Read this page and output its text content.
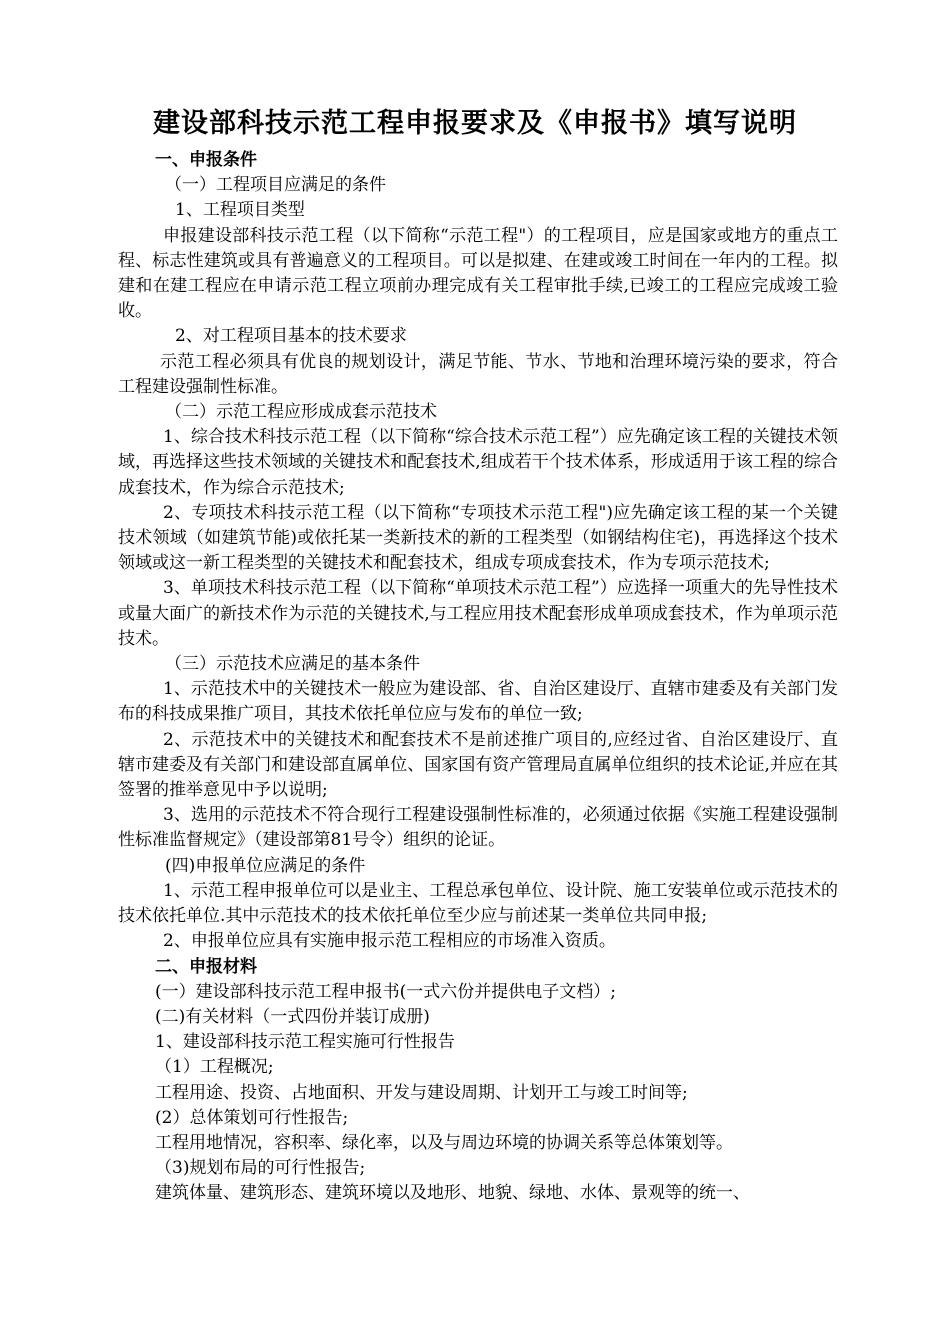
建设部科技示范工程申报要求及《申报书》填写说明

一、申报条件

（一）工程项目应满足的条件

1、工程项目类型

申报建设部科技示范工程（以下简称“示范工程"）的工程项目，应是国家或地方的重点工程、标志性建筑或具有普遍意义的工程项目。可以是拟建、在建或竣工时间在一年内的工程。拟建和在建工程应在申请示范工程立项前办理完成有关工程审批手续,已竣工的工程应完成竣工验收。

2、对工程项目基本的技术要求

示范工程必须具有优良的规划设计，满足节能、节水、节地和治理环境污染的要求，符合工程建设强制性标准。

（二）示范工程应形成成套示范技术

1、综合技术科技示范工程（以下简称“综合技术示范工程”）应先确定该工程的关键技术领域，再选择这些技术领域的关键技术和配套技术,组成若干个技术体系，形成适用于该工程的综合成套技术，作为综合示范技术;

2、专项技术科技示范工程（以下简称“专项技术示范工程")应先确定该工程的某一个关键技术领域（如建筑节能)或依托某一类新技术的新的工程类型（如钢结构住宅)，再选择这个技术领域或这一新工程类型的关键技术和配套技术，组成专项成套技术，作为专项示范技术;

3、单项技术科技示范工程（以下简称“单项技术示范工程”）应选择一项重大的先导性技术或量大面广的新技术作为示范的关键技术,与工程应用技术配套形成单项成套技术，作为单项示范技术。

（三）示范技术应满足的基本条件

1、示范技术中的关键技术一般应为建设部、省、自治区建设厅、直辖市建委及有关部门发布的科技成果推广项目，其技术依托单位应与发布的单位一致;

2、示范技术中的关键技术和配套技术不是前述推广项目的,应经过省、自治区建设厅、直辖市建委及有关部门和建设部直属单位、国家国有资产管理局直属单位组织的技术论证,并应在其签署的推举意见中予以说明;

3、选用的示范技术不符合现行工程建设强制性标准的，必须通过依据《实施工程建设强制性标准监督规定》（建设部第81号令）组织的论证。

(四)申报单位应满足的条件

1、示范工程申报单位可以是业主、工程总承包单位、设计院、施工安装单位或示范技术的技术依托单位.其中示范技术的技术依托单位至少应与前述某一类单位共同申报;

2、申报单位应具有实施申报示范工程相应的市场准入资质。

二、申报材料

(一）建设部科技示范工程申报书(一式六份并提供电子文档）;

(二)有关材料（一式四份并装订成册)

1、建设部科技示范工程实施可行性报告

（1）工程概况;

工程用途、投资、占地面积、开发与建设周期、计划开工与竣工时间等;

(2）总体策划可行性报告;

工程用地情况，容积率、绿化率，以及与周边环境的协调关系等总体策划等。

（3)规划布局的可行性报告;

建筑体量、建筑形态、建筑环境以及地形、地貌、绿地、水体、景观等的统一、
